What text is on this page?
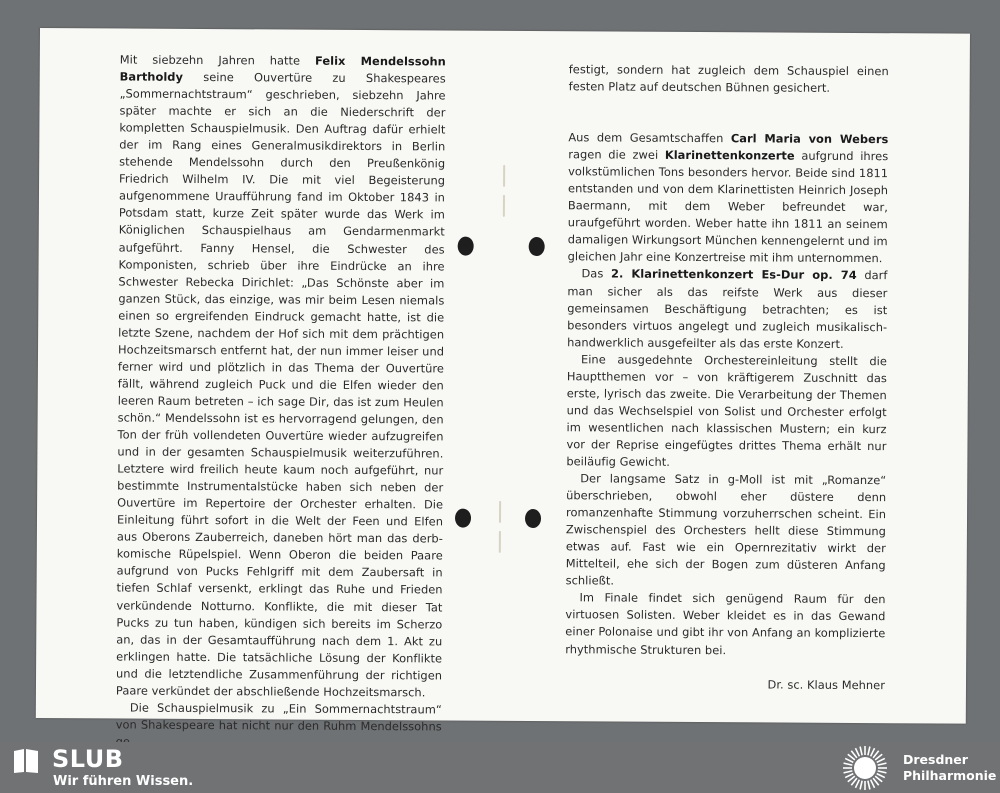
Mit siebzehn Jahren hatte Felix Mendelssohn Bartholdy seine Ouvertüre zu Shakespeares „Sommernachtstraum“ geschrieben, siebzehn Jahre später machte er sich an die Niederschrift der kompletten Schauspielmusik. Den Auftrag dafür erhielt der im Rang eines Generalmusikdirektors in Berlin stehende Mendelssohn durch den Preußenkönig Friedrich Wilhelm IV. Die mit viel Begeisterung aufgenommene Uraufführung fand im Oktober 1843 in Potsdam statt, kurze Zeit später wurde das Werk im Königlichen Schauspielhaus am Gendarmenmarkt aufgeführt. Fanny Hensel, die Schwester des Komponisten, schrieb über ihre Eindrücke an ihre Schwester Rebecka Dirichlet: „Das Schönste aber im ganzen Stück, das einzige, was mir beim Lesen niemals einen so ergreifenden Eindruck gemacht hatte, ist die letzte Szene, nachdem der Hof sich mit dem prächtigen Hochzeitsmarsch entfernt hat, der nun immer leiser und ferner wird und plötzlich in das Thema der Ouvertüre fällt, während zugleich Puck und die Elfen wieder den leeren Raum betreten – ich sage Dir, das ist zum Heulen schön.“ Mendelssohn ist es hervorragend gelungen, den Ton der früh vollendeten Ouvertüre wieder aufzugreifen und in der gesamten Schauspielmusik weiterzuführen. Letztere wird freilich heute kaum noch aufgeführt, nur bestimmte Instrumentalstücke haben sich neben der Ouvertüre im Repertoire der Orchester erhalten. Die Einleitung führt sofort in die Welt der Feen und Elfen aus Oberons Zauberreich, daneben hört man das derb-komische Rüpelspiel. Wenn Oberon die beiden Paare aufgrund von Pucks Fehlgriff mit dem Zaubersaft in tiefen Schlaf versenkt, erklingt das Ruhe und Frieden verkündende Notturno. Konflikte, die mit dieser Tat Pucks zu tun haben, kündigen sich bereits im Scherzo an, das in der Gesamtaufführung nach dem 1. Akt zu erklingen hatte. Die tatsächliche Lösung der Konflikte und die letztendliche Zusammenführung der richtigen Paare verkündet der abschließende Hochzeitsmarsch.

Die Schauspielmusik zu „Ein Sommernachtstraum“ von Shakespeare hat nicht nur den Ruhm Mendelssohns

festigt, sondern hat zugleich dem Schauspiel einen festen Platz auf deutschen Bühnen gesichert.

Aus dem Gesamtschaffen Carl Maria von Webers ragen die zwei Klarinettenkonzerte aufgrund ihres volkstümlichen Tons besonders hervor. Beide sind 1811 entstanden und von dem Klarinettisten Heinrich Joseph Baermann, mit dem Weber befreundet war, uraufgeführt worden. Weber hatte ihn 1811 an seinem damaligen Wirkungsort München kennengelernt und im gleichen Jahr eine Konzertreise mit ihm unternommen.

Das 2. Klarinettenkonzert Es-Dur op. 74 darf man sicher als das reifste Werk aus dieser gemeinsamen Beschäftigung betrachten; es ist besonders virtuos angelegt und zugleich musikalisch-handwerklich ausgefeilter als das erste Konzert.

Eine ausgedehnte Orchestereinleitung stellt die Hauptthemen vor – von kräftigerem Zuschnitt das erste, lyrisch das zweite. Die Verarbeitung der Themen und das Wechselspiel von Solist und Orchester erfolgt im wesentlichen nach klassischen Mustern; ein kurz vor der Reprise eingefügtes drittes Thema erhält nur beiläufig Gewicht.

Der langsame Satz in g-Moll ist mit „Romanze“ überschrieben, obwohl eher düstere denn romanzenhafte Stimmung vorzuherrschen scheint. Ein Zwischenspiel des Orchesters hellt diese Stimmung etwas auf. Fast wie ein Opernrezitativ wirkt der Mittelteil, ehe sich der Bogen zum düsteren Anfang schließt.

Im Finale findet sich genügend Raum für den virtuosen Solisten. Weber kleidet es in das Gewand einer Polonaise und gibt ihr von Anfang an komplizierte rhythmische Strukturen bei.

Dr. sc. Klaus Mehner

SLUB
Wir führen Wissen.
Dresdner
Philharmonie
